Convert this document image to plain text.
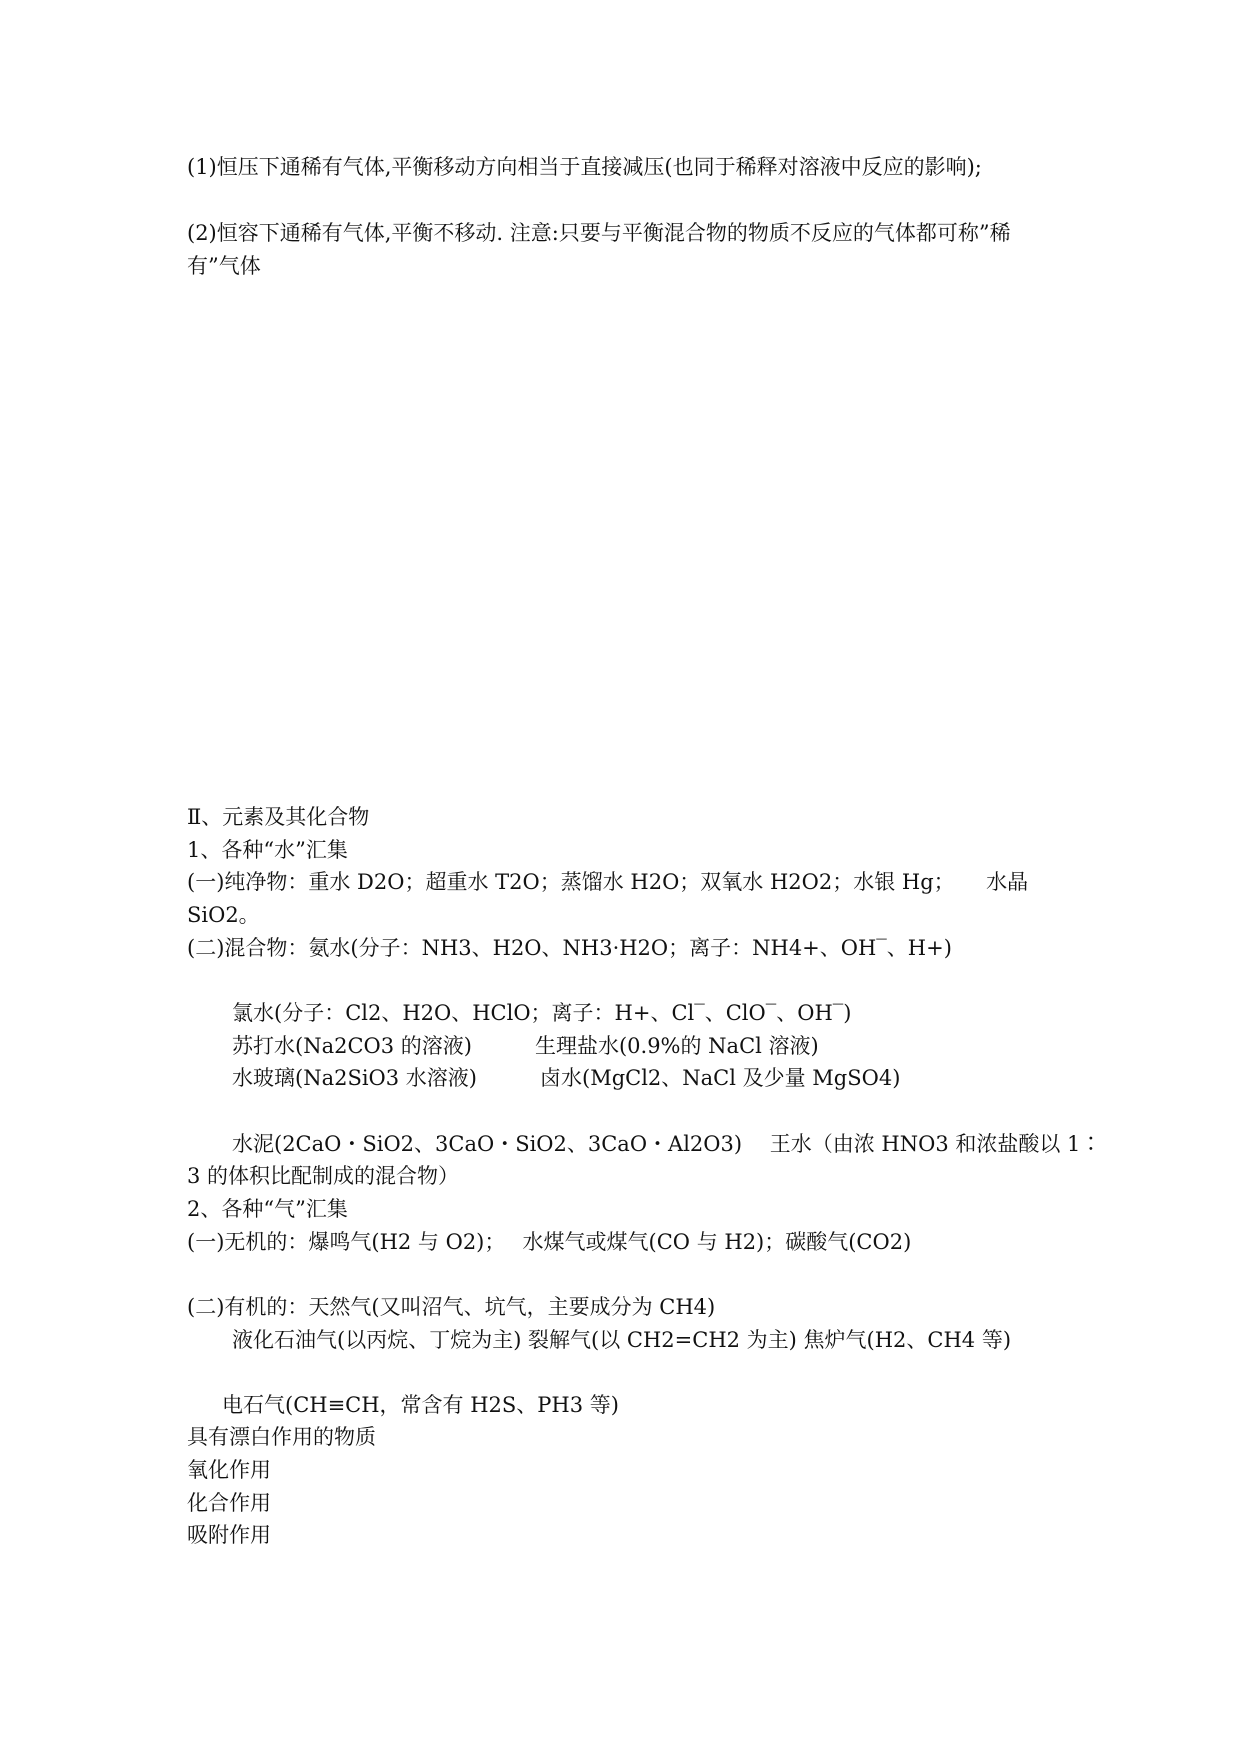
(1)恒压下通稀有气体,平衡移动方向相当于直接减压(也同于稀释对溶液中反应的影响);
(2)恒容下通稀有气体,平衡不移动. 注意:只要与平衡混合物的物质不反应的气体都可称”稀
有”气体
Ⅱ、元素及其化合物
1、各种“水”汇集
(一)纯净物：重水 D2O；超重水 T2O；蒸馏水 H2O；双氧水 H2O2；水银 Hg；　　水晶
SiO2。
(二)混合物：氨水(分子：NH3、H2O、NH3·H2O；离子：NH4+、OH‾、H+)
氯水(分子：Cl2、H2O、HClO；离子：H+、Cl‾、ClO‾、OH‾)
苏打水(Na2CO3 的溶液)　　　生理盐水(0.9%的 NaCl 溶液)
水玻璃(Na2SiO3 水溶液)　　　卤水(MgCl2、NaCl 及少量 MgSO4)
水泥(2CaO・SiO2、3CaO・SiO2、3CaO・Al2O3)　 王水（由浓 HNO3 和浓盐酸以 1∶
3 的体积比配制成的混合物）
2、各种“气”汇集
(一)无机的：爆鸣气(H2 与 O2)；　 水煤气或煤气(CO 与 H2)；碳酸气(CO2)
(二)有机的：天然气(又叫沼气、坑气，主要成分为 CH4)
液化石油气(以丙烷、丁烷为主) 裂解气(以 CH2=CH2 为主) 焦炉气(H2、CH4 等)
电石气(CH≡CH，常含有 H2S、PH3 等)
具有漂白作用的物质
氧化作用
化合作用
吸附作用
